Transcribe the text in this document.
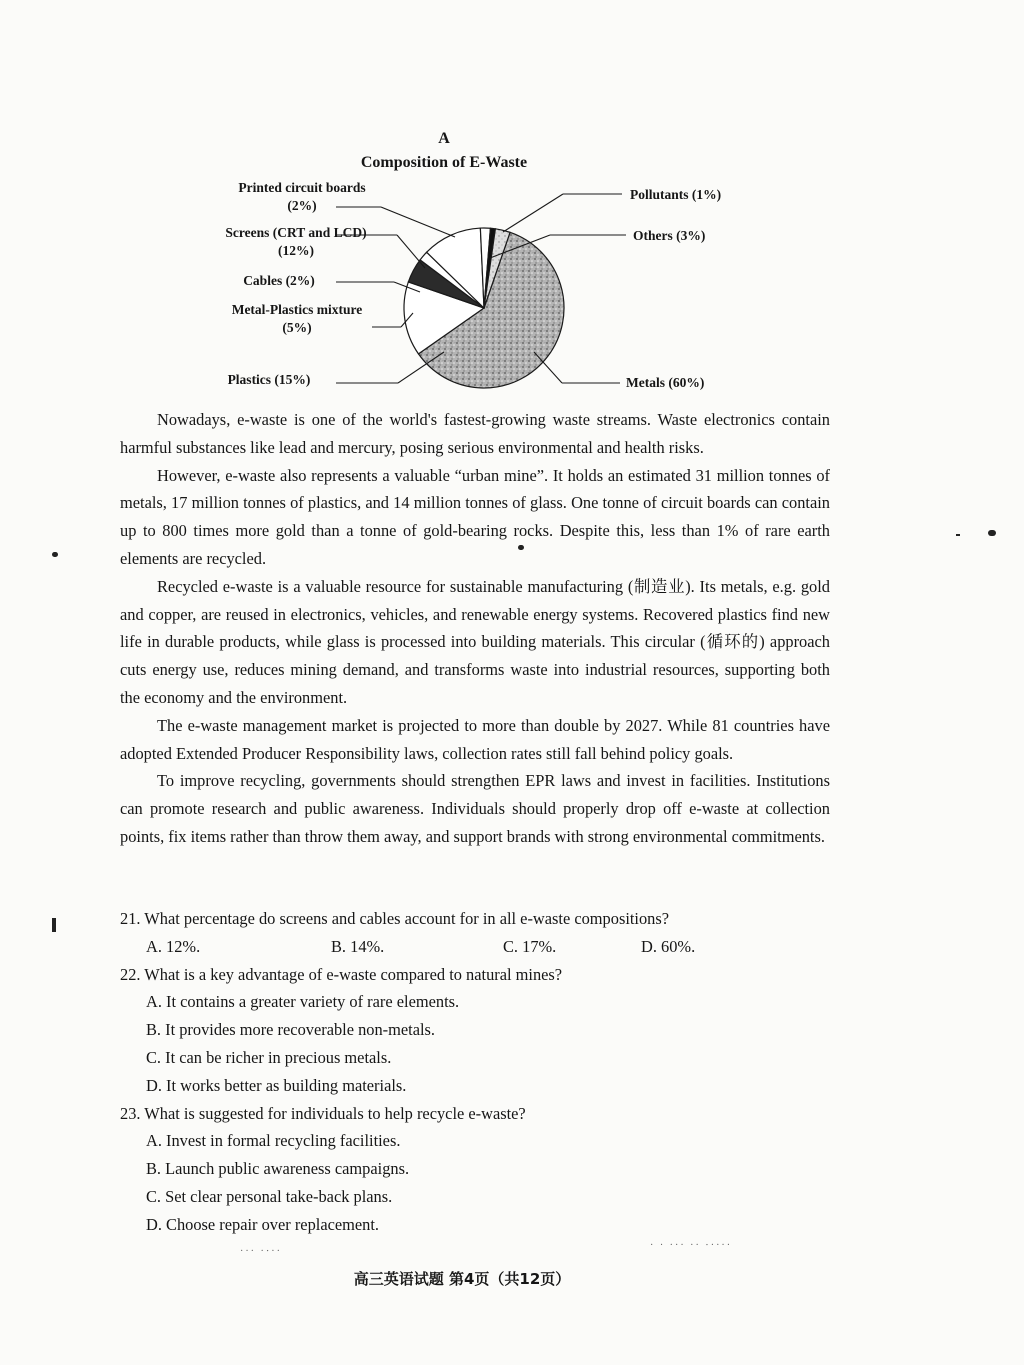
A
Composition of E-Waste
Printed circuit boards
(2%)
Screens (CRT and LCD)
(12%)
Cables (2%)
Metal-Plastics mixture
(5%)
Plastics (15%)
Pollutants (1%)
Others (3%)
Metals (60%)

Nowadays, e-waste is one of the world's fastest-growing waste streams. Waste electronics contain harmful substances like lead and mercury, posing serious environmental and health risks.

However, e-waste also represents a valuable “urban mine”. It holds an estimated 31 million tonnes of metals, 17 million tonnes of plastics, and 14 million tonnes of glass. One tonne of circuit boards can contain up to 800 times more gold than a tonne of gold-bearing rocks. Despite this, less than 1% of rare earth elements are recycled.

Recycled e-waste is a valuable resource for sustainable manufacturing (制造业). Its metals, e.g. gold and copper, are reused in electronics, vehicles, and renewable energy systems. Recovered plastics find new life in durable products, while glass is processed into building materials. This circular (循环的) approach cuts energy use, reduces mining demand, and transforms waste into industrial resources, supporting both the economy and the environment.

The e-waste management market is projected to more than double by 2027. While 81 countries have adopted Extended Producer Responsibility laws, collection rates still fall behind policy goals.

To improve recycling, governments should strengthen EPR laws and invest in facilities. Institutions can promote research and public awareness. Individuals should properly drop off e-waste at collection points, fix items rather than throw them away, and support brands with strong environmental commitments.

21. What percentage do screens and cables account for in all e-waste compositions?

A. 12%.	B. 14%.	C. 17%.	D. 60%.

22. What is a key advantage of e-waste compared to natural mines?

A. It contains a greater variety of rare elements.

B. It provides more recoverable non-metals.

C. It can be richer in precious metals.

D. It works better as building materials.

23. What is suggested for individuals to help recycle e-waste?

A. Invest in formal recycling facilities.

B. Launch public awareness campaigns.

C. Set clear personal take-back plans.

D. Choose repair over replacement.

高三英语试题 第4页（共12页）
··· ·⋅··
· · ··· ·· ⋅····
